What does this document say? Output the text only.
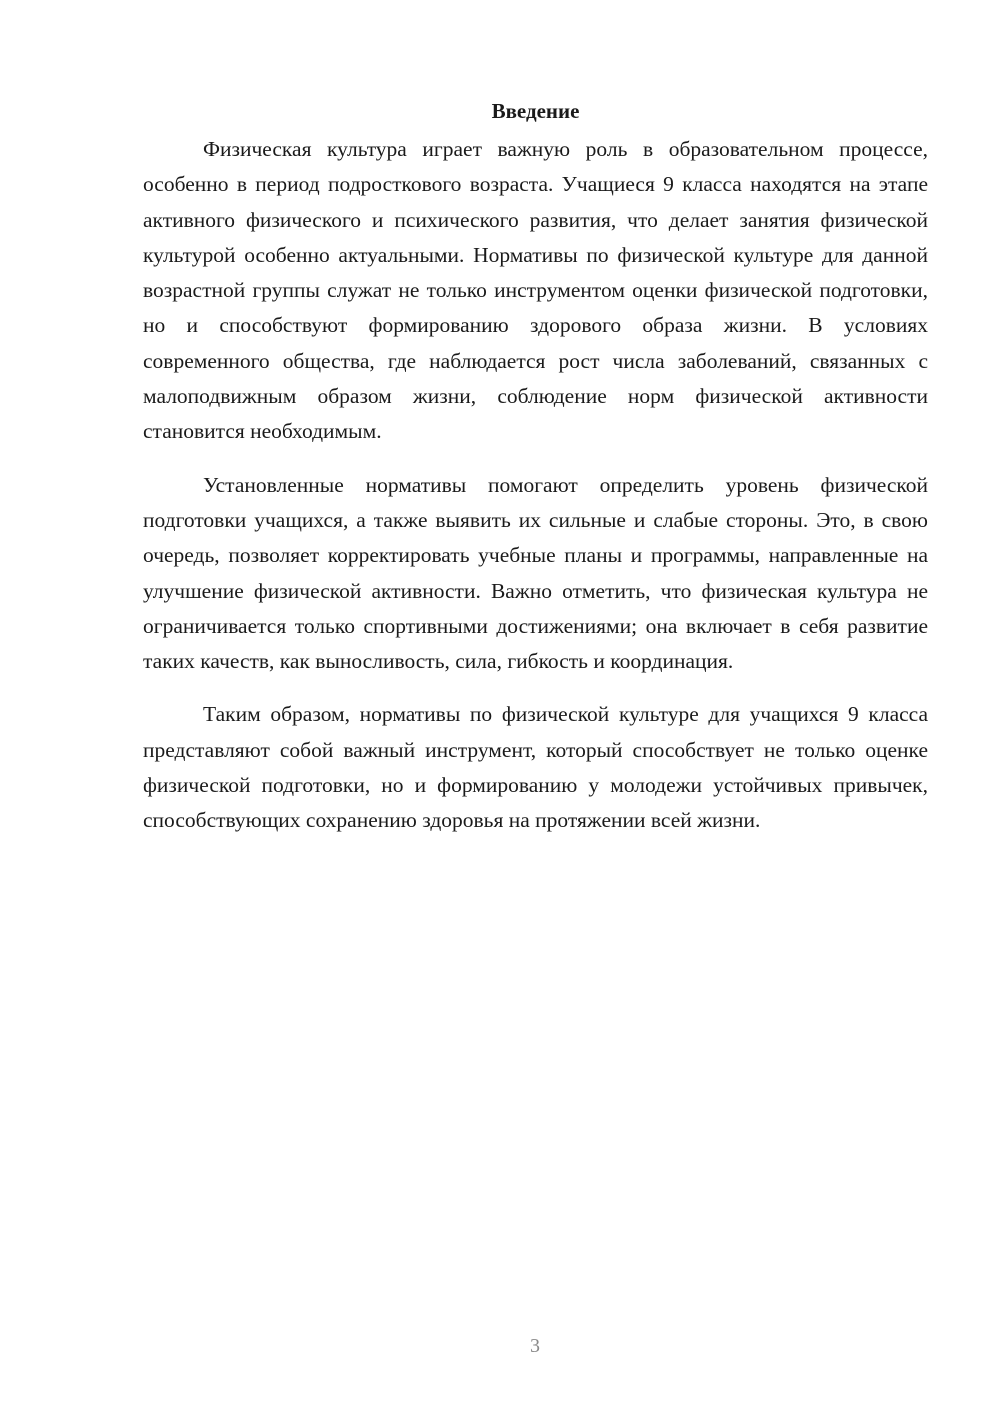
Введение

Физическая культура играет важную роль в образовательном процессе, особенно в период подросткового возраста. Учащиеся 9 класса находятся на этапе активного физического и психического развития, что делает занятия физической культурой особенно актуальными. Нормативы по физической культуре для данной возрастной группы служат не только инструментом оценки физической подготовки, но и способствуют формированию здорового образа жизни. В условиях современного общества, где наблюдается рост числа заболеваний, связанных с малоподвижным образом жизни, соблюдение норм физической активности становится необходимым.

Установленные нормативы помогают определить уровень физической подготовки учащихся, а также выявить их сильные и слабые стороны. Это, в свою очередь, позволяет корректировать учебные планы и программы, направленные на улучшение физической активности. Важно отметить, что физическая культура не ограничивается только спортивными достижениями; она включает в себя развитие таких качеств, как выносливость, сила, гибкость и координация.

Таким образом, нормативы по физической культуре для учащихся 9 класса представляют собой важный инструмент, который способствует не только оценке физической подготовки, но и формированию у молодежи устойчивых привычек, способствующих сохранению здоровья на протяжении всей жизни.

3
